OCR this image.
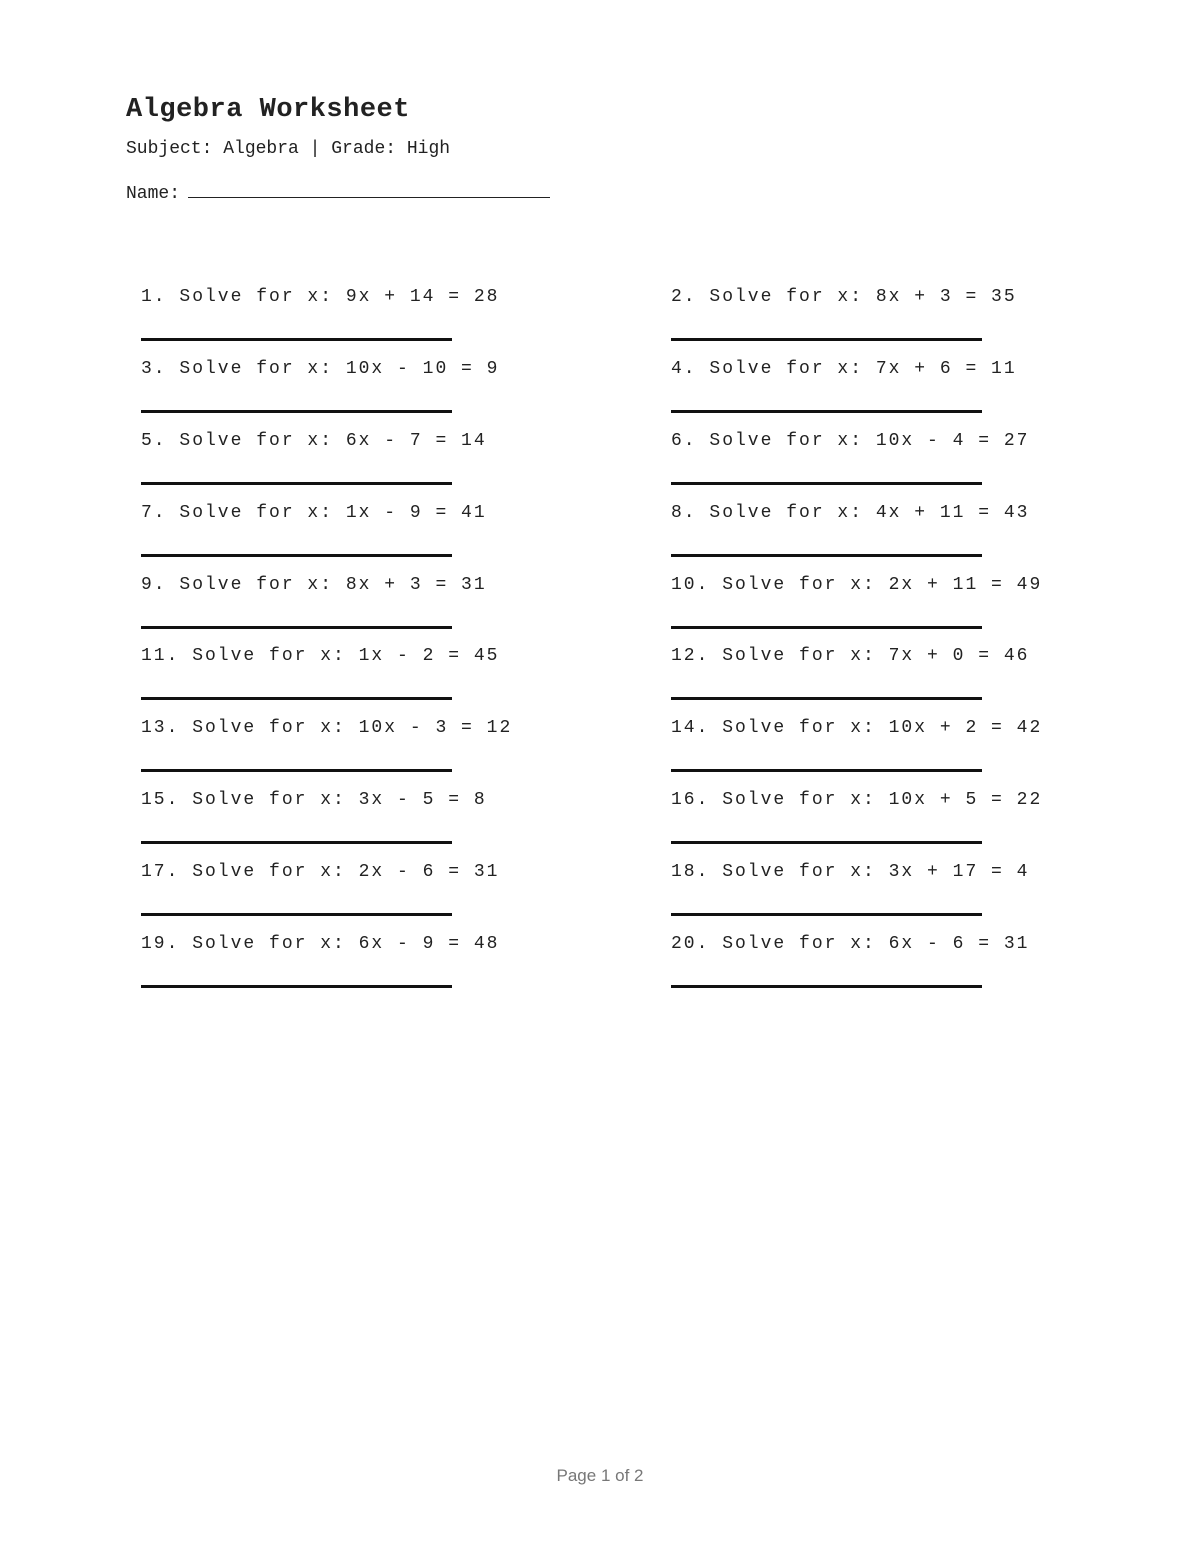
Algebra Worksheet
Subject: Algebra | Grade: High
Name:
1. Solve for x: 9x + 14 = 28	2. Solve for x: 8x + 3 = 35
3. Solve for x: 10x - 10 = 9	4. Solve for x: 7x + 6 = 11
5. Solve for x: 6x - 7 = 14	6. Solve for x: 10x - 4 = 27
7. Solve for x: 1x - 9 = 41	8. Solve for x: 4x + 11 = 43
9. Solve for x: 8x + 3 = 31	10. Solve for x: 2x + 11 = 49
11. Solve for x: 1x - 2 = 45	12. Solve for x: 7x + 0 = 46
13. Solve for x: 10x - 3 = 12	14. Solve for x: 10x + 2 = 42
15. Solve for x: 3x - 5 = 8	16. Solve for x: 10x + 5 = 22
17. Solve for x: 2x - 6 = 31	18. Solve for x: 3x + 17 = 4
19. Solve for x: 6x - 9 = 48	20. Solve for x: 6x - 6 = 31
Page 1 of 2
